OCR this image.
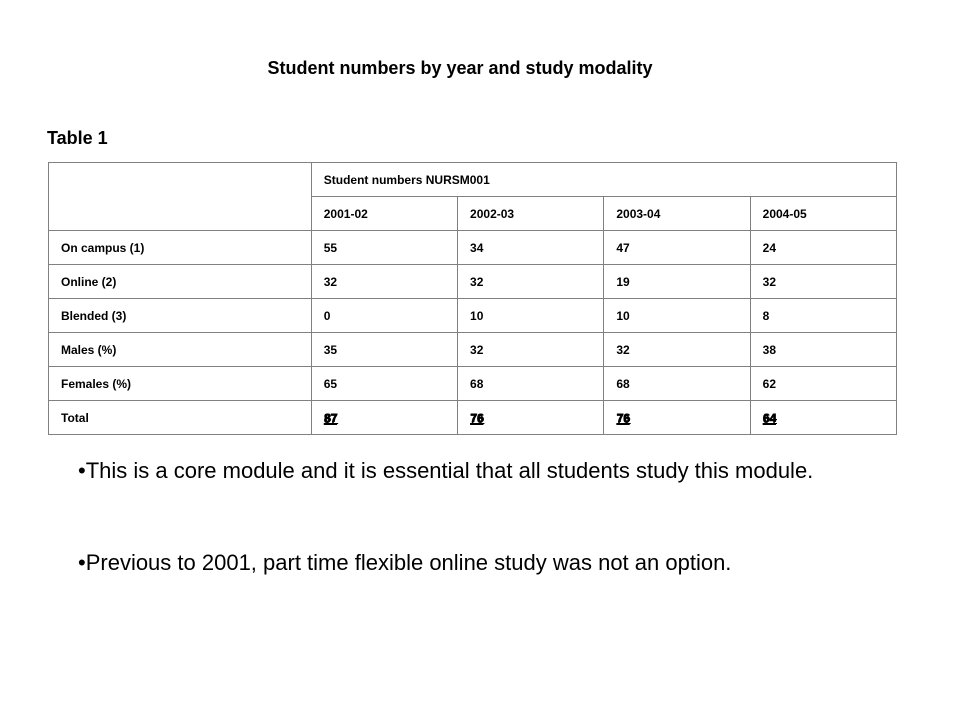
Student numbers by year and study modality
Table 1
	Student numbers NURSM001			
	2001-02	2002-03	2003-04	2004-05
On campus (1)	55	34	47	24
Online (2)	32	32	19	32
Blended (3)	0	10	10	8
Males (%)	35	32	32	38
Females (%)	65	68	68	62
Total	87	76	76	64

•This is a core module and it is essential that all students study this module.

•Previous to 2001, part time flexible online study was not an option.
